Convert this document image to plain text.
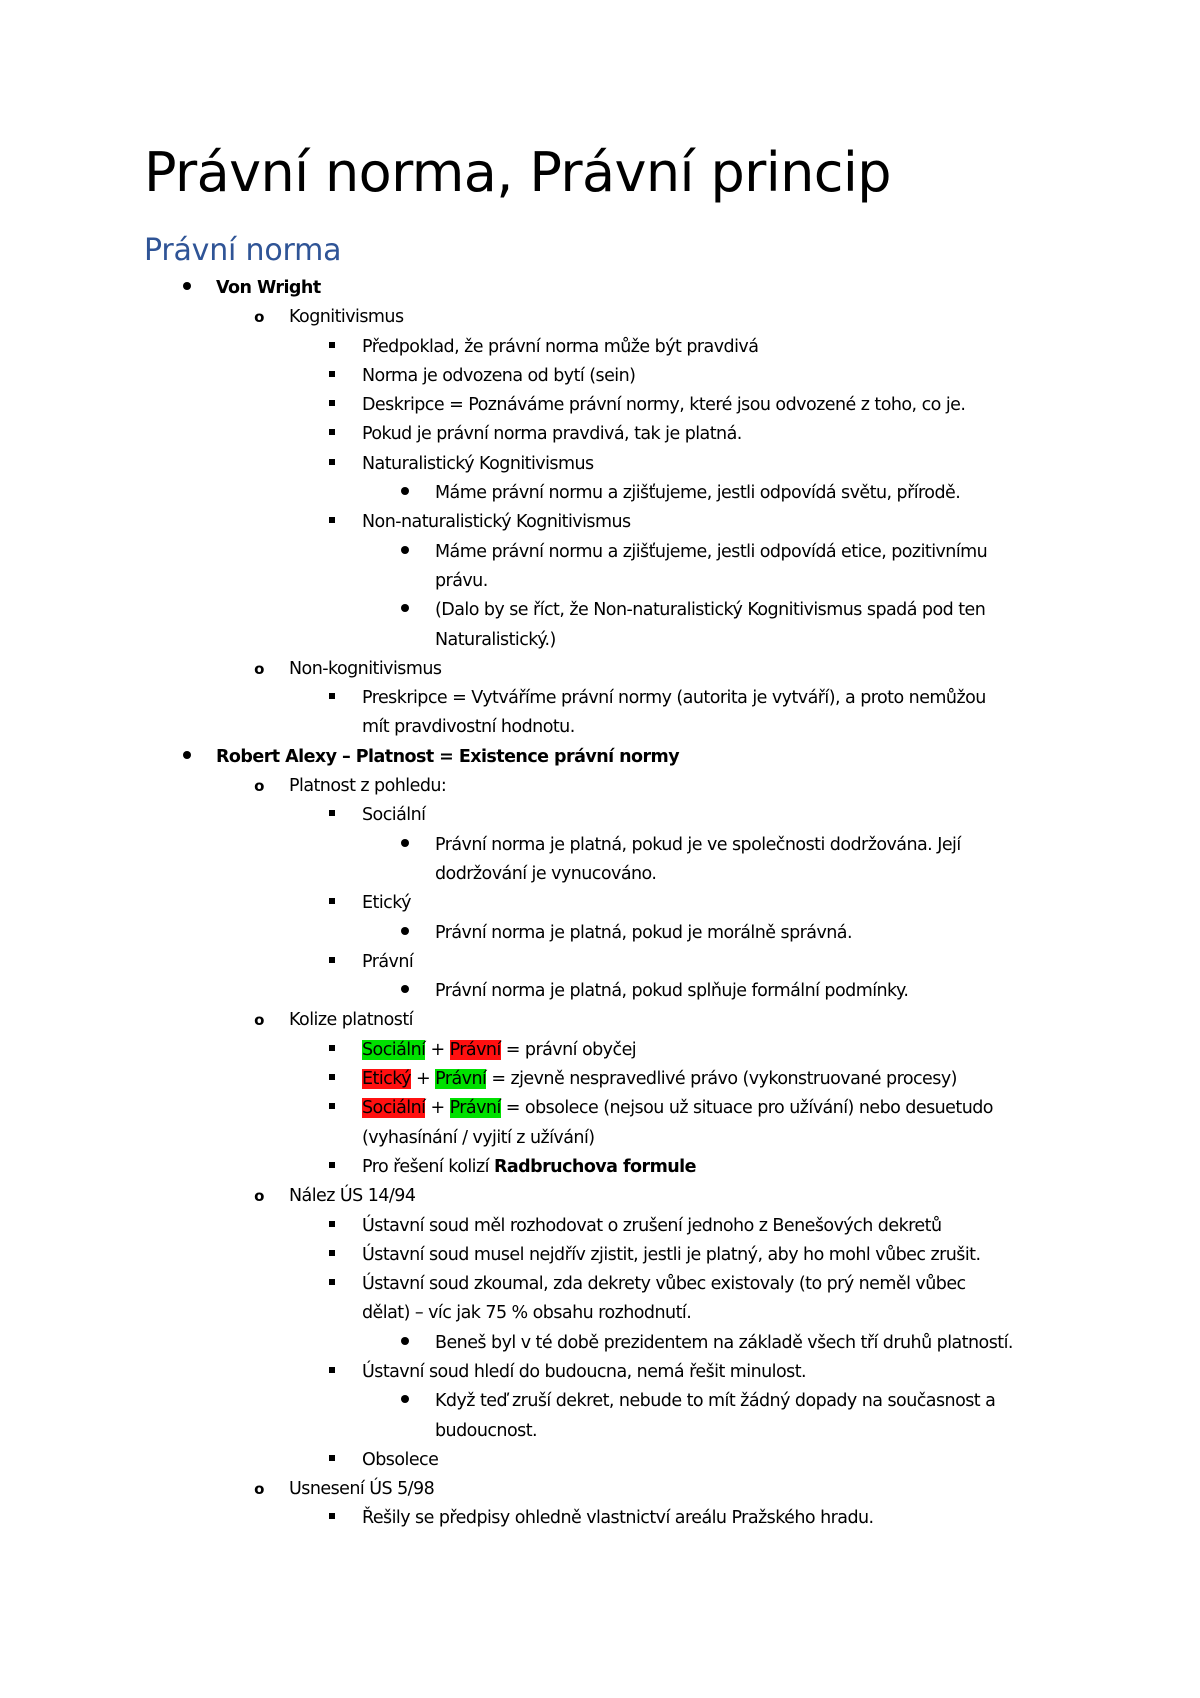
Právní norma, Právní princip
Právní norma
Von Wright
o Kognitivismus
Předpoklad, že právní norma může být pravdivá
Norma je odvozena od bytí (sein)
Deskripce = Poznáváme právní normy, které jsou odvozené z toho, co je.
Pokud je právní norma pravdivá, tak je platná.
Naturalistický Kognitivismus
Máme právní normu a zjišťujeme, jestli odpovídá světu, přírodě.
Non-naturalistický Kognitivismus
Máme právní normu a zjišťujeme, jestli odpovídá etice, pozitivnímu
právu.
(Dalo by se říct, že Non-naturalistický Kognitivismus spadá pod ten
Naturalistický.)
o Non-kognitivismus
Preskripce = Vytváříme právní normy (autorita je vytváří), a proto nemůžou
mít pravdivostní hodnotu.
Robert Alexy – Platnost = Existence právní normy
o Platnost z pohledu:
Sociální
Právní norma je platná, pokud je ve společnosti dodržována. Její
dodržování je vynucováno.
Etický
Právní norma je platná, pokud je morálně správná.
Právní
Právní norma je platná, pokud splňuje formální podmínky.
o Kolize platností
Sociální + Právní = právní obyčej
Etický + Právní = zjevně nespravedlivé právo (vykonstruované procesy)
Sociální + Právní = obsolece (nejsou už situace pro užívání) nebo desuetudo
(vyhasínání / vyjití z užívání)
Pro řešení kolizí Radbruchova formule
o Nález ÚS 14/94
Ústavní soud měl rozhodovat o zrušení jednoho z Benešových dekretů
Ústavní soud musel nejdřív zjistit, jestli je platný, aby ho mohl vůbec zrušit.
Ústavní soud zkoumal, zda dekrety vůbec existovaly (to prý neměl vůbec
dělat) – víc jak 75 % obsahu rozhodnutí.
Beneš byl v té době prezidentem na základě všech tří druhů platností.
Ústavní soud hledí do budoucna, nemá řešit minulost.
Když teď zruší dekret, nebude to mít žádný dopady na současnost a
budoucnost.
Obsolece
o Usnesení ÚS 5/98
Řešily se předpisy ohledně vlastnictví areálu Pražského hradu.
